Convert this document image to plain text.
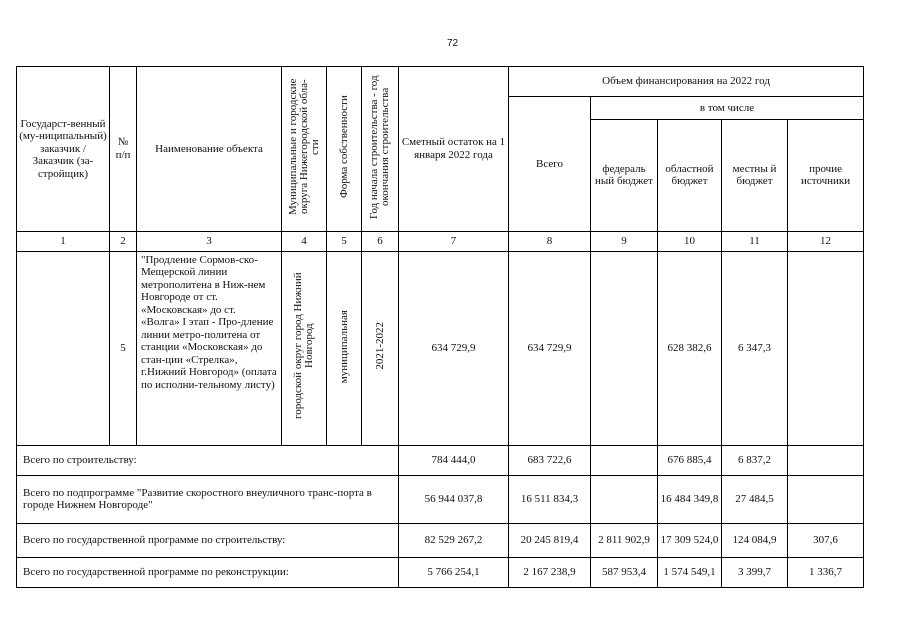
72
Государст-венный (му-ниципальный) заказчик / Заказчик (за-стройщик)	№ п/п	Наименование объекта	Муниципальные и городские округа Нижегородской обла-сти	Форма собственности	Год начала строительства - год окончания строительства	Сметный остаток на 1 января 2022 года	Объем финансирования на 2022 год				
							Всего	в том числе			
								федераль ный бюджет	областной бюджет	местны й бюджет	прочие источники
1	2	3	4	5	6	7	8	9	10	11	12
	5	"Продление Сормов-ско-Мещерской линии метрополитена в Ниж-нем Новгороде от ст. «Московская» до ст. «Волга» I этап - Про-дление линии метро-политена от станции «Московская» до стан-ции «Стрелка», г.Нижний Новгород» (оплата по исполни-тельному листу)	городской округ город Нижний Новгород	муниципальная	2021-2022	634 729,9	634 729,9		628 382,6	6 347,3	
Всего по строительству:						784 444,0	683 722,6		676 885,4	6 837,2	
Всего по подпрограмме "Развитие скоростного внеуличного транс-порта в городе Нижнем Новгороде"						56 944 037,8	16 511 834,3		16 484 349,8	27 484,5	
Всего по государственной программе по строительству:						82 529 267,2	20 245 819,4	2 811 902,9	17 309 524,0	124 084,9	307,6
Всего по государственной программе по реконструкции:						5 766 254,1	2 167 238,9	587 953,4	1 574 549,1	3 399,7	1 336,7
